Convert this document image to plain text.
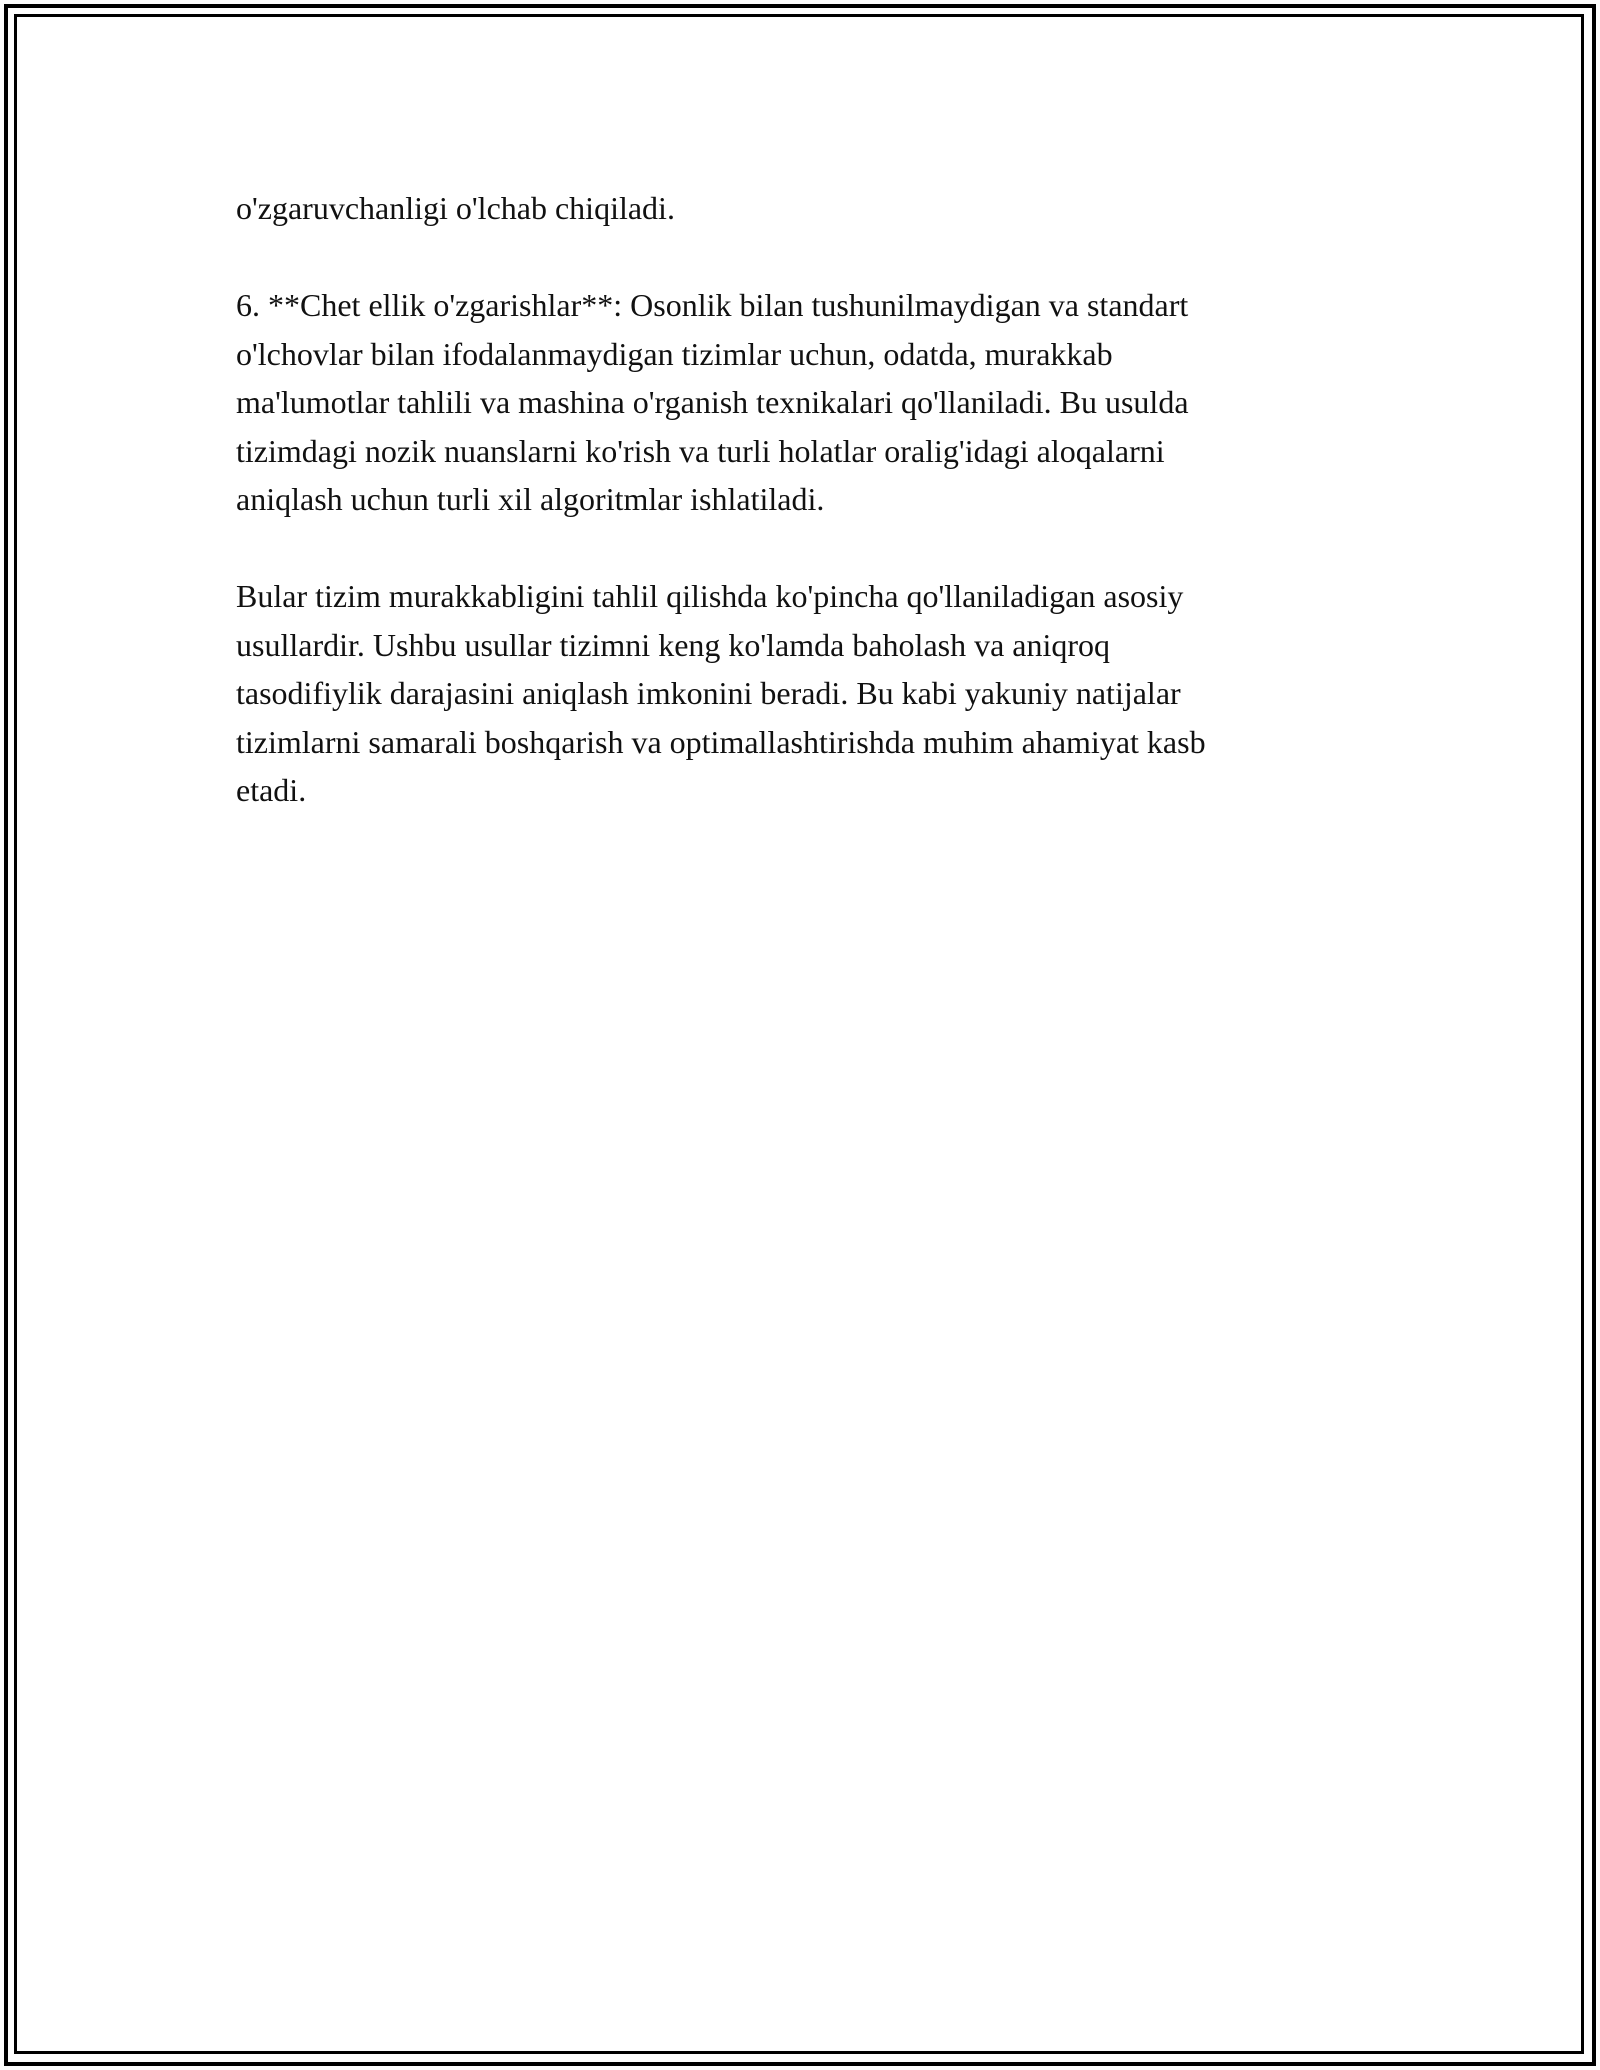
o'zgaruvchanligi o'lchab chiqiladi.

6. **Chet ellik o'zgarishlar**: Osonlik bilan tushunilmaydigan va standart
o'lchovlar bilan ifodalanmaydigan tizimlar uchun, odatda, murakkab
ma'lumotlar tahlili va mashina o'rganish texnikalari qo'llaniladi. Bu usulda
tizimdagi nozik nuanslarni ko'rish va turli holatlar oralig'idagi aloqalarni
aniqlash uchun turli xil algoritmlar ishlatiladi.

Bular tizim murakkabligini tahlil qilishda ko'pincha qo'llaniladigan asosiy
usullardir. Ushbu usullar tizimni keng ko'lamda baholash va aniqroq
tasodifiylik darajasini aniqlash imkonini beradi. Bu kabi yakuniy natijalar
tizimlarni samarali boshqarish va optimallashtirishda muhim ahamiyat kasb
etadi.
